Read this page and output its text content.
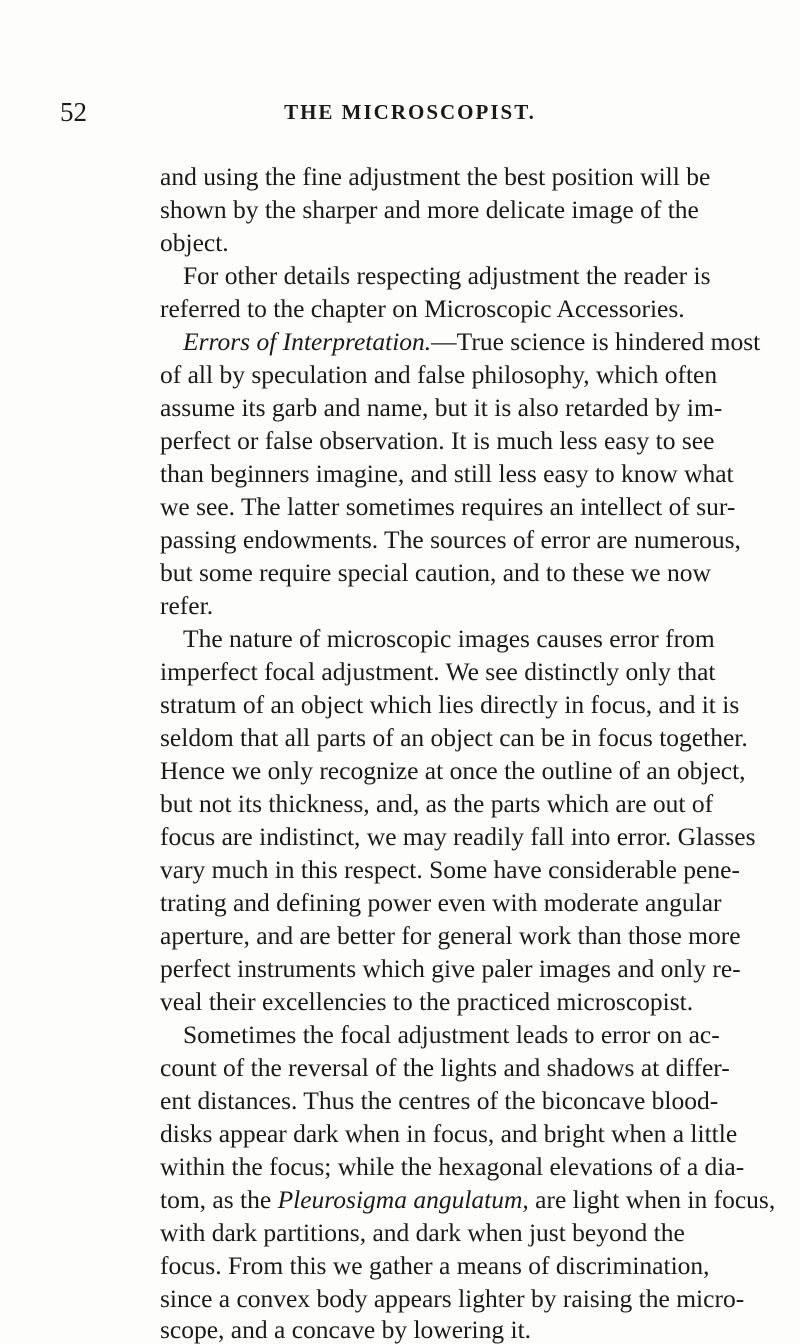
52	THE MICROSCOPIST.
and using the fine adjustment the best position will be
shown by the sharper and more delicate image of the
object.
For other details respecting adjustment the reader is
referred to the chapter on Microscopic Accessories.
Errors of Interpretation.—True science is hindered most
of all by speculation and false philosophy, which often
assume its garb and name, but it is also retarded by im-
perfect or false observation. It is much less easy to see
than beginners imagine, and still less easy to know what
we see. The latter sometimes requires an intellect of sur-
passing endowments. The sources of error are numerous,
but some require special caution, and to these we now
refer.
The nature of microscopic images causes error from
imperfect focal adjustment. We see distinctly only that
stratum of an object which lies directly in focus, and it is
seldom that all parts of an object can be in focus together.
Hence we only recognize at once the outline of an object,
but not its thickness, and, as the parts which are out of
focus are indistinct, we may readily fall into error. Glasses
vary much in this respect. Some have considerable pene-
trating and defining power even with moderate angular
aperture, and are better for general work than those more
perfect instruments which give paler images and only re-
veal their excellencies to the practiced microscopist.
Sometimes the focal adjustment leads to error on ac-
count of the reversal of the lights and shadows at differ-
ent distances. Thus the centres of the biconcave blood-
disks appear dark when in focus, and bright when a little
within the focus; while the hexagonal elevations of a dia-
tom, as the Pleurosigma angulatum, are light when in focus,
with dark partitions, and dark when just beyond the
focus. From this we gather a means of discrimination,
since a convex body appears lighter by raising the micro-
scope, and a concave by lowering it.
